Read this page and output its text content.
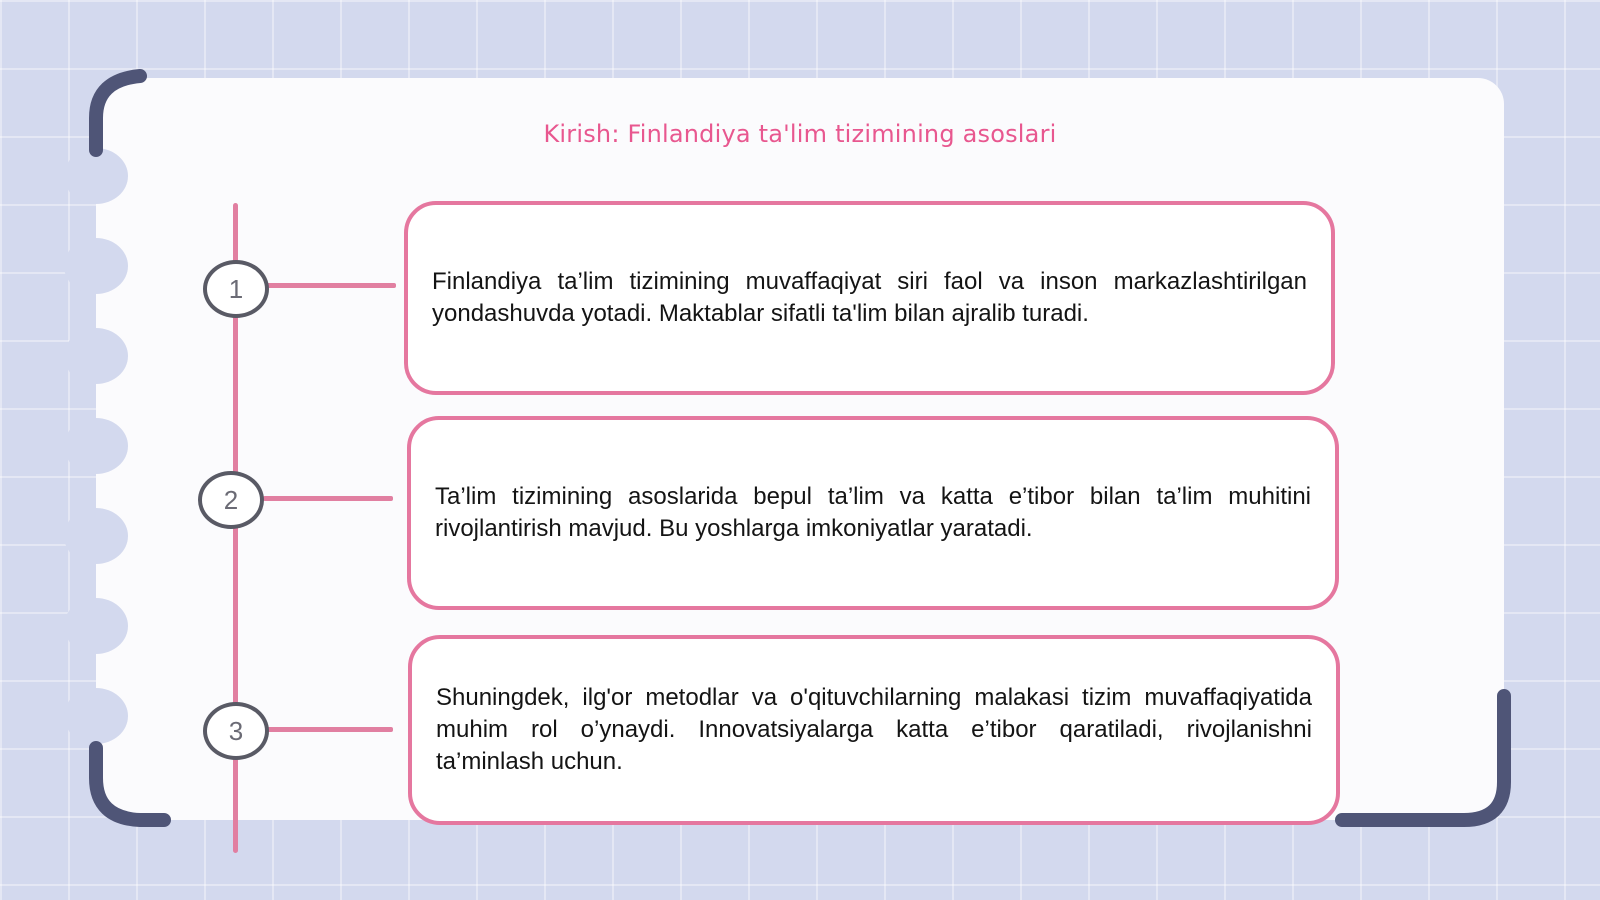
Kirish: Finlandiya ta'lim tizimining asoslari
1	Finlandiya ta’lim tizimining muvaffaqiyat siri faol va inson markazlashtirilgan yondashuvda yotadi. Maktablar sifatli ta'lim bilan ajralib turadi.
2	Ta’lim tizimining asoslarida bepul ta’lim va katta e’tibor bilan ta’lim muhitini rivojlantirish mavjud. Bu yoshlarga imkoniyatlar yaratadi.
3
Shuningdek, ilg'or metodlar va o'qituvchilarning malakasi tizim muvaffaqiyatida muhim rol o’ynaydi. Innovatsiyalarga katta e’tibor qaratiladi, rivojlanishni ta’minlash uchun.
